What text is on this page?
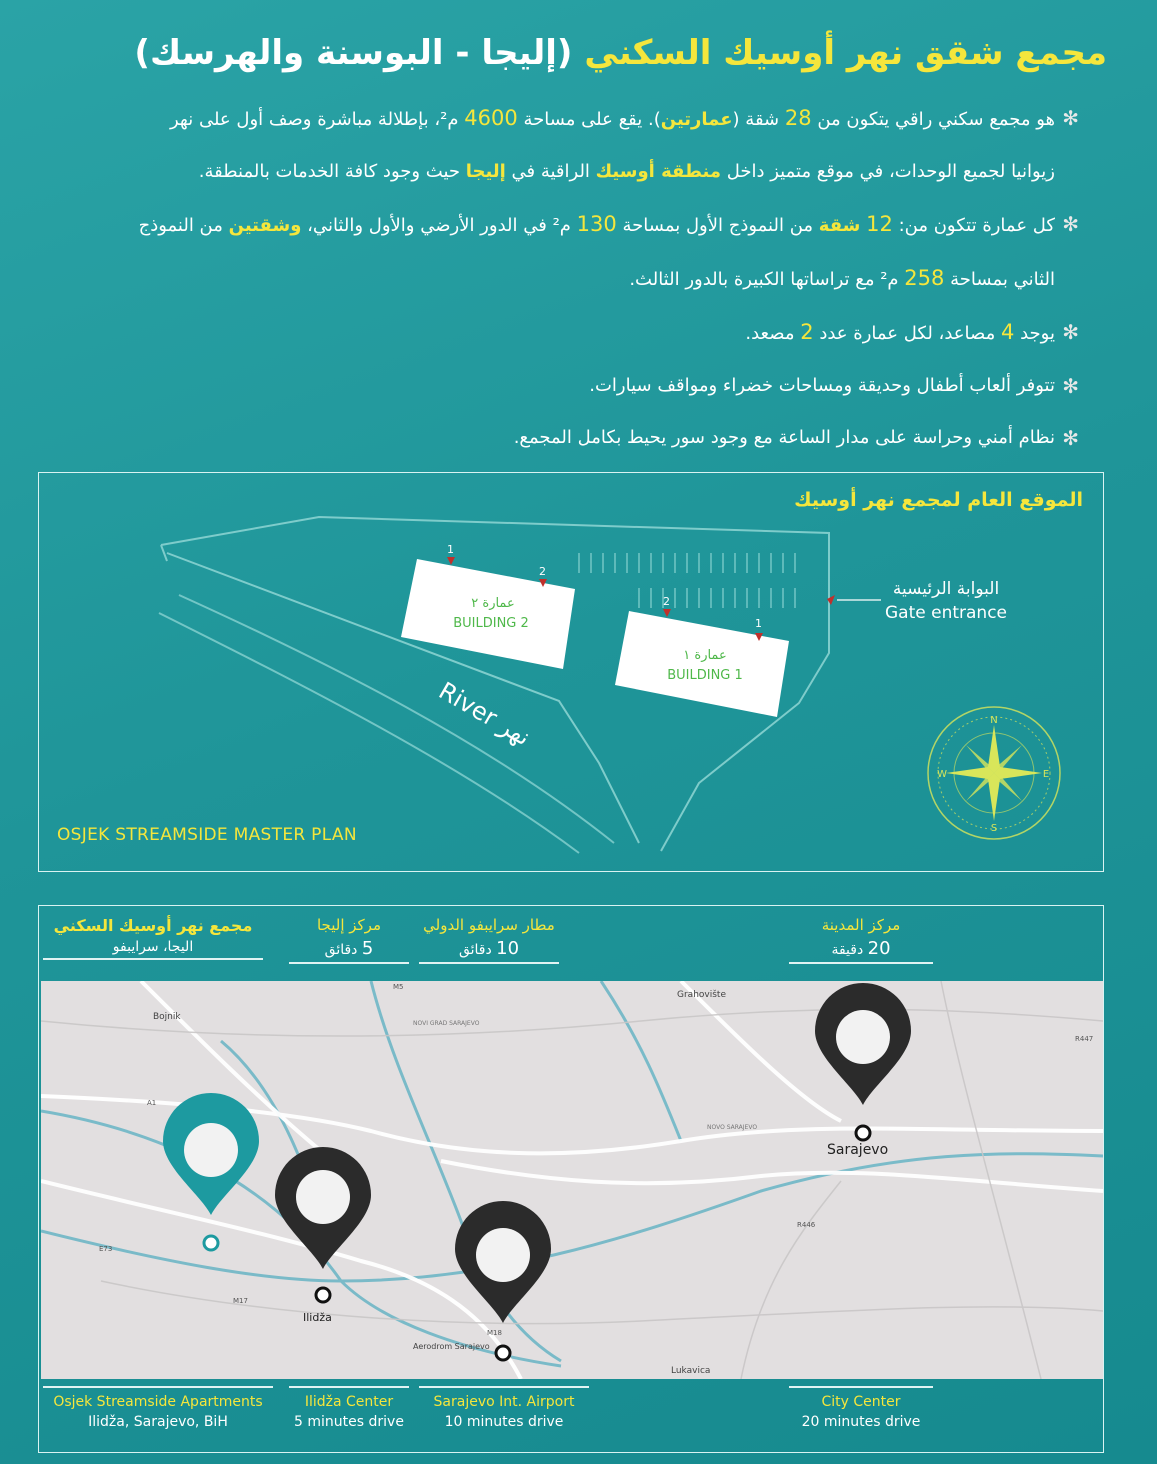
مجمع شقق نهر أوسيك السكني (إليجا - البوسنة والهرسك)
✻
هو مجمع سكني راقي يتكون من 28 شقة (عمارتين). يقع على مساحة 4600 م²، بإطلالة مباشرة وصف أول على نهر
زيوانيا لجميع الوحدات، في موقع متميز داخل منطقة أوسيك الراقية في إليجا حيث وجود كافة الخدمات بالمنطقة.
✻
كل عمارة تتكون من: 12 شقة من النموذج الأول بمساحة 130 م² في الدور الأرضي والأول والثاني، وشقتين من النموذج
الثاني بمساحة 258 م² مع تراساتها الكبيرة بالدور الثالث.
✻
يوجد 4 مصاعد، لكل عمارة عدد 2 مصعد.
✻
تتوفر ألعاب أطفال وحديقة ومساحات خضراء ومواقف سيارات.
✻
نظام أمني وحراسة على مدار الساعة مع وجود سور يحيط بكامل المجمع.
1
2
2
1
عمارة ٢
BUILDING 2
عمارة ١
BUILDING 1
River نهر	N
S
E
W
الموقع العام لمجمع نهر أوسيك
البوابة الرئيسية
Gate entrance
OSJEK STREAMSIDE MASTER PLAN
مجمع نهر أوسيك السكني
اليجا، سرايبفو
مركز إليجا
5 دقائق
مطار سرايبفو الدولي
10 دقائق
مركز المدينة
20 دقيقة
Bojnik
Grahovište
Sarajevo
Ilidža
Aerodrom Sarajevo
Lukavica
NOVI GRAD SARAJEVO
NOVO SARAJEVO
A1
M5
M17
E73
M18
R446
R447
Osjek Streamside Apartments
Ilidža, Sarajevo, BiH
Ilidža Center
5 minutes drive
Sarajevo Int. Airport
10 minutes drive
City Center
20 minutes drive
